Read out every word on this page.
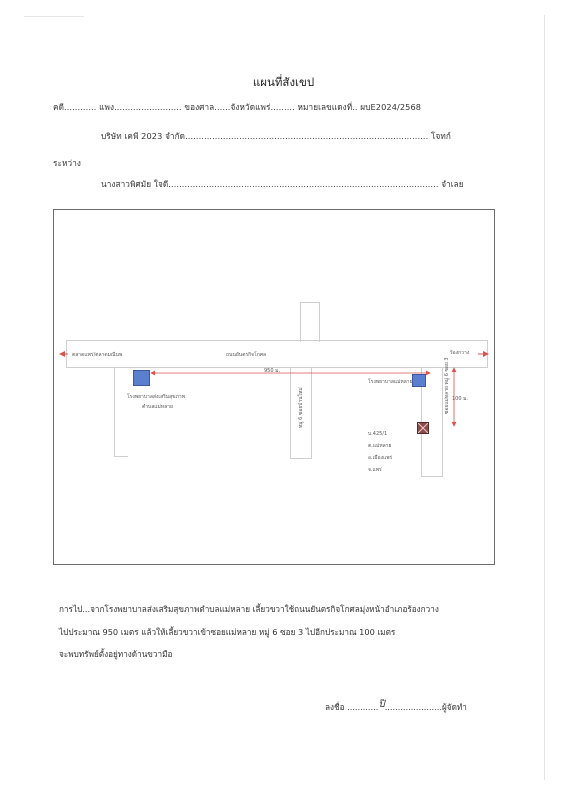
แผนที่สังเขป
คดี............ แพง......................... ของศาล......จังหวัดแพร่......... หมายเลขแดงที่.. ผบE2024/2568
บริษัท เคพี 2023 จำกัด.......................................................................................... โจทก์
ระหว่าง
นางสาวพิศมัย ใจดี.................................................................................................... จำเลย
ตลาดแพร่/ตลาดมณีนพ	ร้องกวาง
ถนนยันตรกิจโกศล
950 ม.
100 ม.
โรงพยาบาลส่งเสริมสุขภาพ
ตำบลแม่หลาย
โรงพยาบาลแม่หลาย
หมู่ 6 ซอยบ้านใหม่	ซอยแม่หลาย หมู่ 6 ซอย 3
บ.425/1
ต.แม่หลาย
อ.เมืองแพร่
จ.แพร่
การไป...จากโรงพยาบาลส่งเสริมสุขภาพตำบลแม่หลาย เลี้ยวขวาใช้ถนนยันตรกิจโกศลมุ่งหน้าอำเภอร้องกวาง
ไปประมาณ 950 เมตร แล้วให้เลี้ยวขวาเข้าซอยแม่หลาย หมู่ 6 ซอย 3 ไปอีกประมาณ 100 เมตร
จะพบทรัพย์ตั้งอยู่ทางด้านขวามือ
ลงชื่อ ............ปิ......................ผู้จัดทำ
